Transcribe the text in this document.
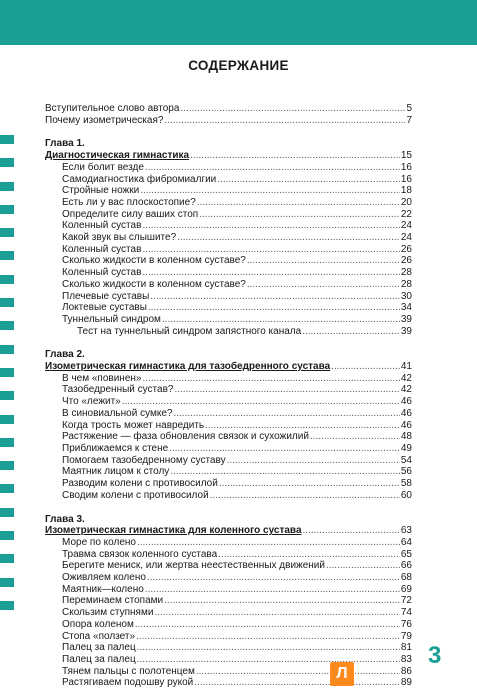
СОДЕРЖАНИЕ
Вступительное слово автора .....	5
Почему изометрическая? .....	7
Глава 1.
Диагностическая гимнастика .....	15
Если болит везде .....	16
Самодиагностика фибромиалгии .....	16
Стройные ножки .....	18
Есть ли у вас плоскостопие? .....	20
Определите силу ваших стоп .....	22
Коленный сустав .....	24
Какой звук вы слышите? .....	24
Коленный сустав .....	26
Сколько жидкости в коленном суставе? .....	26
Коленный сустав .....	28
Сколько жидкости в коленном суставе? .....	28
Плечевые суставы .....	30
Локтевые суставы .....	34
Туннельный синдром .....	39
Тест на туннельный синдром запястного канала .....	39
Глава 2.
Изометрическая гимнастика для тазобедренного сустава .....	41
В чем «повинен» .....	42
Тазобедренный сустав? .....	42
Что «лежит» .....	46
В синовиальной сумке? .....	46
Когда трость может навредить .....	46
Растяжение — фаза обновления связок и сухожилий .....	48
Приближаемся к стене .....	49
Помогаем тазобедренному суставу .....	54
Маятник лицом к столу .....	56
Разводим колени с противосилой .....	58
Сводим колени с противосилой .....	60
Глава 3.
Изометрическая гимнастика для коленного сустава .....	63
Море по колено .....	64
Травма связок коленного сустава .....	65
Берегите мениск, или жертва неестественных движений .....	66
Оживляем колено .....	68
Маятник—колено .....	69
Переминаем стопами .....	72
Скользим ступнями .....	74
Опора коленом .....	76
Стопа «ползет» .....	79
Палец за палец .....	81
Палец за палец .....	83
Тянем пальцы с полотенцем .....	86
Растягиваем подошву рукой .....	89
3
Л
